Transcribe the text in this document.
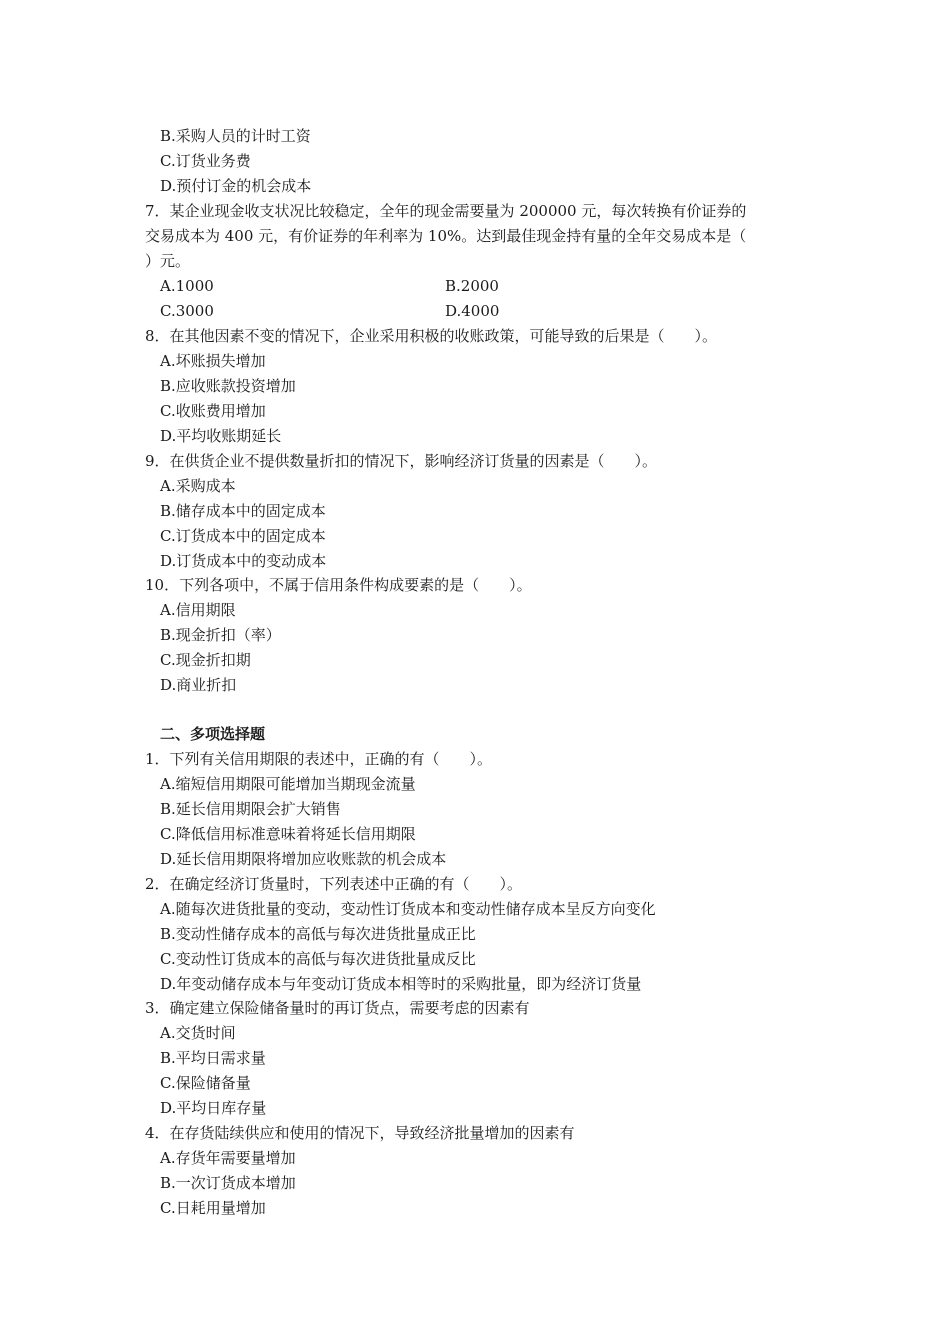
B.采购人员的计时工资
C.订货业务费
D.预付订金的机会成本
7．某企业现金收支状况比较稳定，全年的现金需要量为 200000 元，每次转换有价证券的
交易成本为 400 元，有价证券的年利率为 10%。达到最佳现金持有量的全年交易成本是（
）元。
A.1000	B.2000
C.3000	D.4000
8．在其他因素不变的情况下，企业采用积极的收账政策，可能导致的后果是（　　）。
A.坏账损失增加
B.应收账款投资增加
C.收账费用增加
D.平均收账期延长
9．在供货企业不提供数量折扣的情况下，影响经济订货量的因素是（　　）。
A.采购成本
B.储存成本中的固定成本
C.订货成本中的固定成本
D.订货成本中的变动成本
10．下列各项中，不属于信用条件构成要素的是（　　）。
A.信用期限
B.现金折扣（率）
C.现金折扣期
D.商业折扣
二、多项选择题
1．下列有关信用期限的表述中，正确的有（　　）。
A.缩短信用期限可能增加当期现金流量
B.延长信用期限会扩大销售
C.降低信用标准意味着将延长信用期限
D.延长信用期限将增加应收账款的机会成本
2．在确定经济订货量时，下列表述中正确的有（　　）。
A.随每次进货批量的变动，变动性订货成本和变动性储存成本呈反方向变化
B.变动性储存成本的高低与每次进货批量成正比
C.变动性订货成本的高低与每次进货批量成反比
D.年变动储存成本与年变动订货成本相等时的采购批量，即为经济订货量
3．确定建立保险储备量时的再订货点，需要考虑的因素有
A.交货时间
B.平均日需求量
C.保险储备量
D.平均日库存量
4．在存货陆续供应和使用的情况下，导致经济批量增加的因素有
A.存货年需要量增加
B.一次订货成本增加
C.日耗用量增加
